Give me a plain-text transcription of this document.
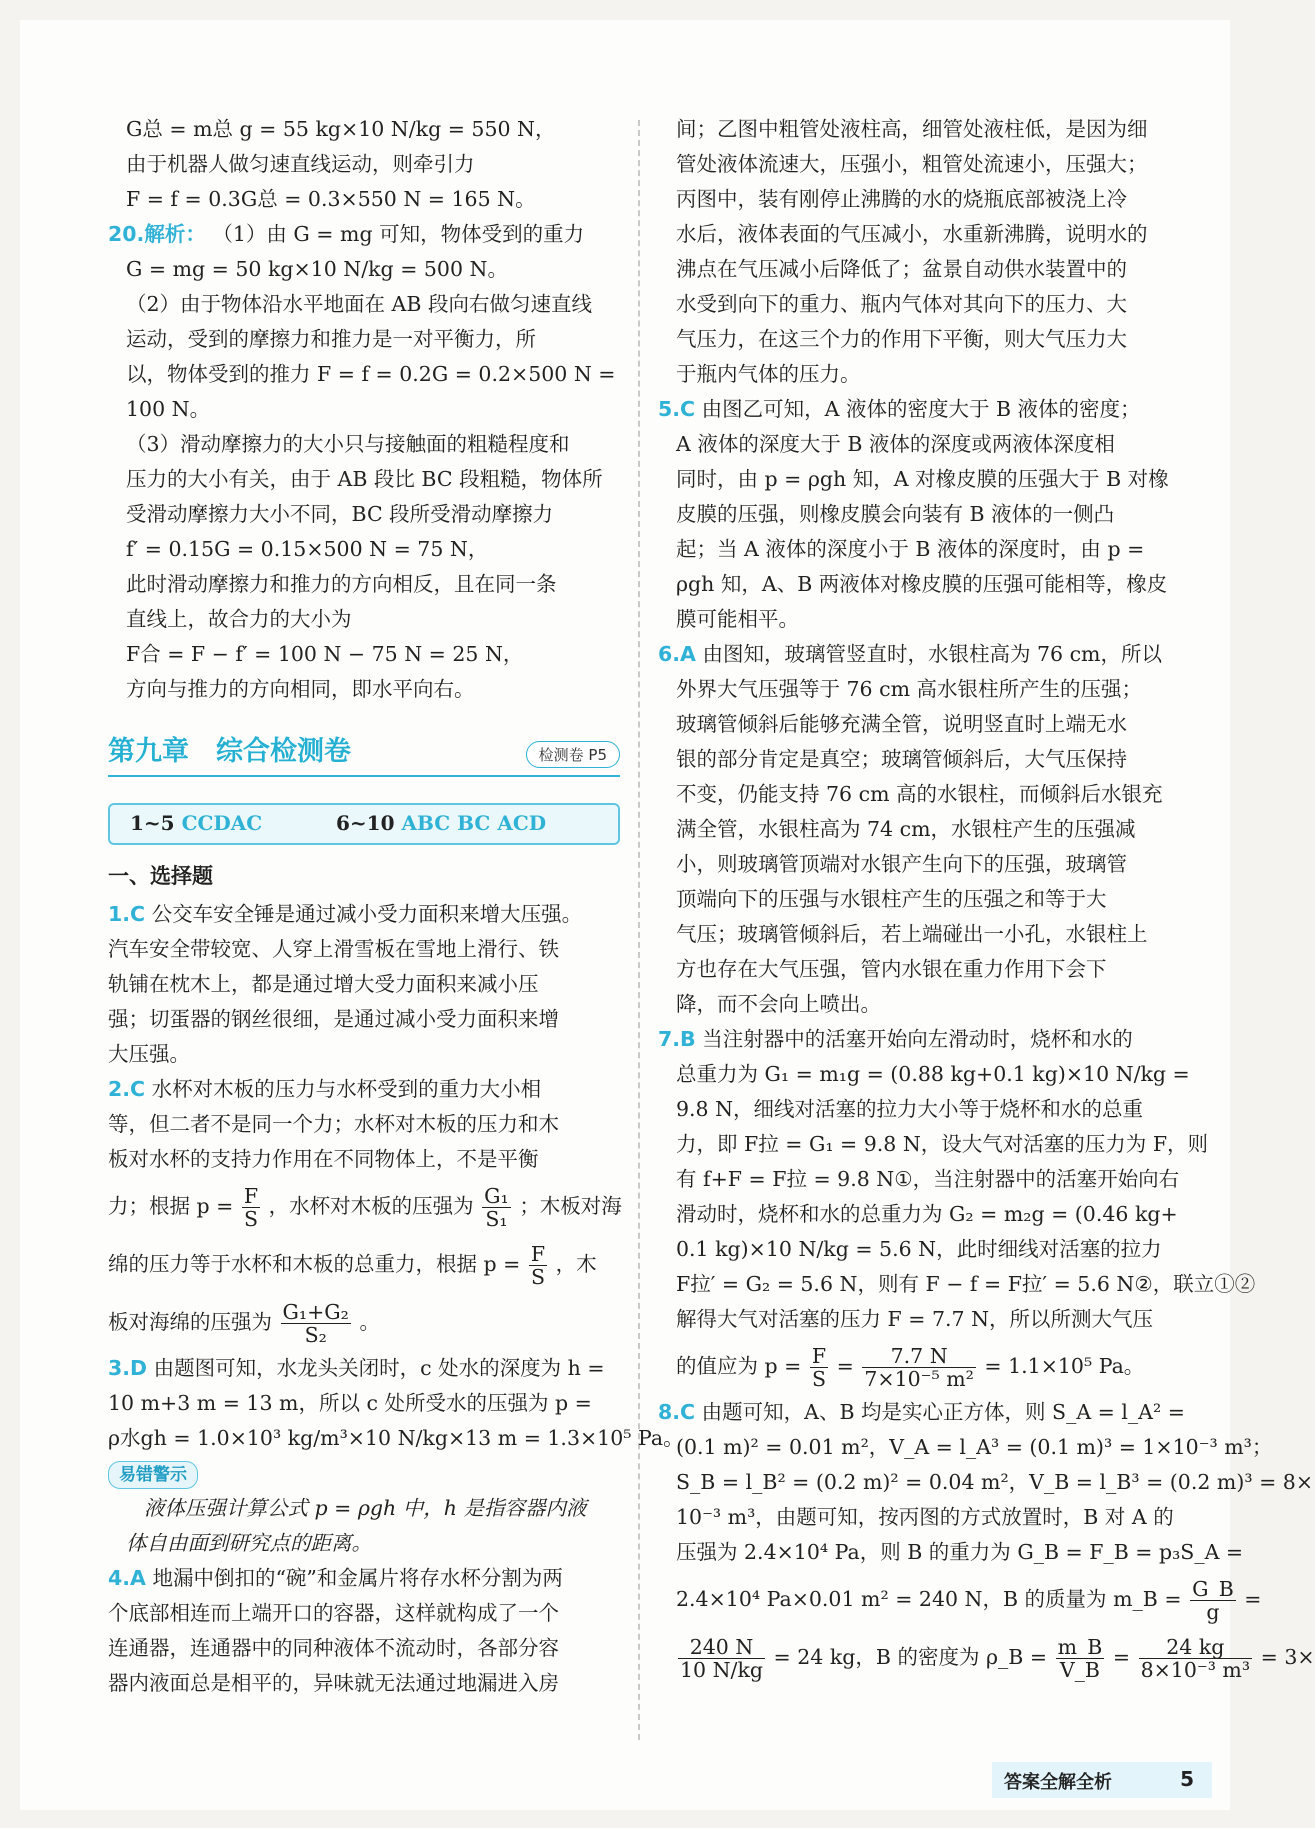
G总 = m总 g = 55 kg×10 N/kg = 550 N，
由于机器人做匀速直线运动，则牵引力
F = f = 0.3G总 = 0.3×550 N = 165 N。
20.解析： （1）由 G = mg 可知，物体受到的重力
G = mg = 50 kg×10 N/kg = 500 N。
（2）由于物体沿水平地面在 AB 段向右做匀速直线
运动，受到的摩擦力和推力是一对平衡力，所
以，物体受到的推力 F = f = 0.2G = 0.2×500 N =
100 N。
（3）滑动摩擦力的大小只与接触面的粗糙程度和
压力的大小有关，由于 AB 段比 BC 段粗糙，物体所
受滑动摩擦力大小不同，BC 段所受滑动摩擦力
f′ = 0.15G = 0.15×500 N = 75 N，
此时滑动摩擦力和推力的方向相反，且在同一条
直线上，故合力的大小为
F合 = F − f′ = 100 N − 75 N = 25 N，
方向与推力的方向相同，即水平向右。
第九章　综合检测卷	检测卷 P5
1~5 CCDAC	6~10 ABC BC ACD
一、选择题
1.C 公交车安全锤是通过减小受力面积来增大压强。
汽车安全带较宽、人穿上滑雪板在雪地上滑行、铁
轨铺在枕木上，都是通过增大受力面积来减小压
强；切蛋器的钢丝很细，是通过减小受力面积来增
大压强。
2.C 水杯对木板的压力与水杯受到的重力大小相
等，但二者不是同一个力；水杯对木板的压力和木
板对水杯的支持力作用在不同物体上，不是平衡
力；根据 $p = \frac{F}{S}$ ，水杯对木板的压强为 $\frac{\text{G₁}}{\text{S₁}}$ ；木板对海
绵的压力等于水杯和木板的总重力，根据 $p = \frac{F}{S}$ ，木
板对海绵的压强为 $\frac{\text{G₁+G₂}}{\text{S₂}}$ 。
3.D 由题图可知，水龙头关闭时，c 处水的深度为 h =
10 m+3 m = 13 m，所以 c 处所受水的压强为 p =
ρ水gh = 1.0×10³ kg/m³×10 N/kg×13 m = 1.3×10⁵ Pa。
易错警示
液体压强计算公式 p = ρgh 中，h 是指容器内液
体自由面到研究点的距离。
4.A 地漏中倒扣的“碗”和金属片将存水杯分割为两
个底部相连而上端开口的容器，这样就构成了一个
连通器，连通器中的同种液体不流动时，各部分容
器内液面总是相平的，异味就无法通过地漏进入房
间；乙图中粗管处液柱高，细管处液柱低，是因为细
管处液体流速大，压强小，粗管处流速小，压强大；
丙图中，装有刚停止沸腾的水的烧瓶底部被浇上冷
水后，液体表面的气压减小，水重新沸腾，说明水的
沸点在气压减小后降低了；盆景自动供水装置中的
水受到向下的重力、瓶内气体对其向下的压力、大
气压力，在这三个力的作用下平衡，则大气压力大
于瓶内气体的压力。
5.C 由图乙可知，A 液体的密度大于 B 液体的密度；
A 液体的深度大于 B 液体的深度或两液体深度相
同时，由 p = ρgh 知，A 对橡皮膜的压强大于 B 对橡
皮膜的压强，则橡皮膜会向装有 B 液体的一侧凸
起；当 A 液体的深度小于 B 液体的深度时，由 p =
ρgh 知，A、B 两液体对橡皮膜的压强可能相等，橡皮
膜可能相平。
6.A 由图知，玻璃管竖直时，水银柱高为 76 cm，所以
外界大气压强等于 76 cm 高水银柱所产生的压强；
玻璃管倾斜后能够充满全管，说明竖直时上端无水
银的部分肯定是真空；玻璃管倾斜后，大气压保持
不变，仍能支持 76 cm 高的水银柱，而倾斜后水银充
满全管，水银柱高为 74 cm，水银柱产生的压强减
小，则玻璃管顶端对水银产生向下的压强，玻璃管
顶端向下的压强与水银柱产生的压强之和等于大
气压；玻璃管倾斜后，若上端碰出一小孔，水银柱上
方也存在大气压强，管内水银在重力作用下会下
降，而不会向上喷出。
7.B 当注射器中的活塞开始向左滑动时，烧杯和水的
总重力为 G₁ = m₁g = (0.88 kg+0.1 kg)×10 N/kg =
9.8 N，细线对活塞的拉力大小等于烧杯和水的总重
力，即 F拉 = G₁ = 9.8 N，设大气对活塞的压力为 F，则
有 f+F = F拉 = 9.8 N①，当注射器中的活塞开始向右
滑动时，烧杯和水的总重力为 G₂ = m₂g = (0.46 kg+
0.1 kg)×10 N/kg = 5.6 N，此时细线对活塞的拉力
F拉′ = G₂ = 5.6 N，则有 F − f = F拉′ = 5.6 N②，联立①②
解得大气对活塞的压力 F = 7.7 N，所以所测大气压
的值应为 $p = \frac{F}{S} = \frac{7.7 N}{\text{7×10⁻⁵ m²}} = 1.1\times 10^5$ Pa。
8.C 由题可知，A、B 均是实心正方体，则 S_A = l_A² =
(0.1 m)² = 0.01 m²，V_A = l_A³ = (0.1 m)³ = 1×10⁻³ m³；
S_B = l_B² = (0.2 m)² = 0.04 m²，V_B = l_B³ = (0.2 m)³ = 8×
10⁻³ m³，由题可知，按丙图的方式放置时，B 对 A 的
压强为 2.4×10⁴ Pa，则 B 的重力为 G_B = F_B = p₃S_A =
2.4×10⁴ Pa×0.01 m² = 240 N，B 的质量为 m_B = $\frac{G\_B}{g}$ =
$\frac{240 N}{10 N/kg} = 24$ kg，B 的密度为 ρ_B = $\frac{m\_B}{V\_B} = \frac{24 kg}{\text{8×10⁻³ m³}} = 3\times$
答案全解全析	5
